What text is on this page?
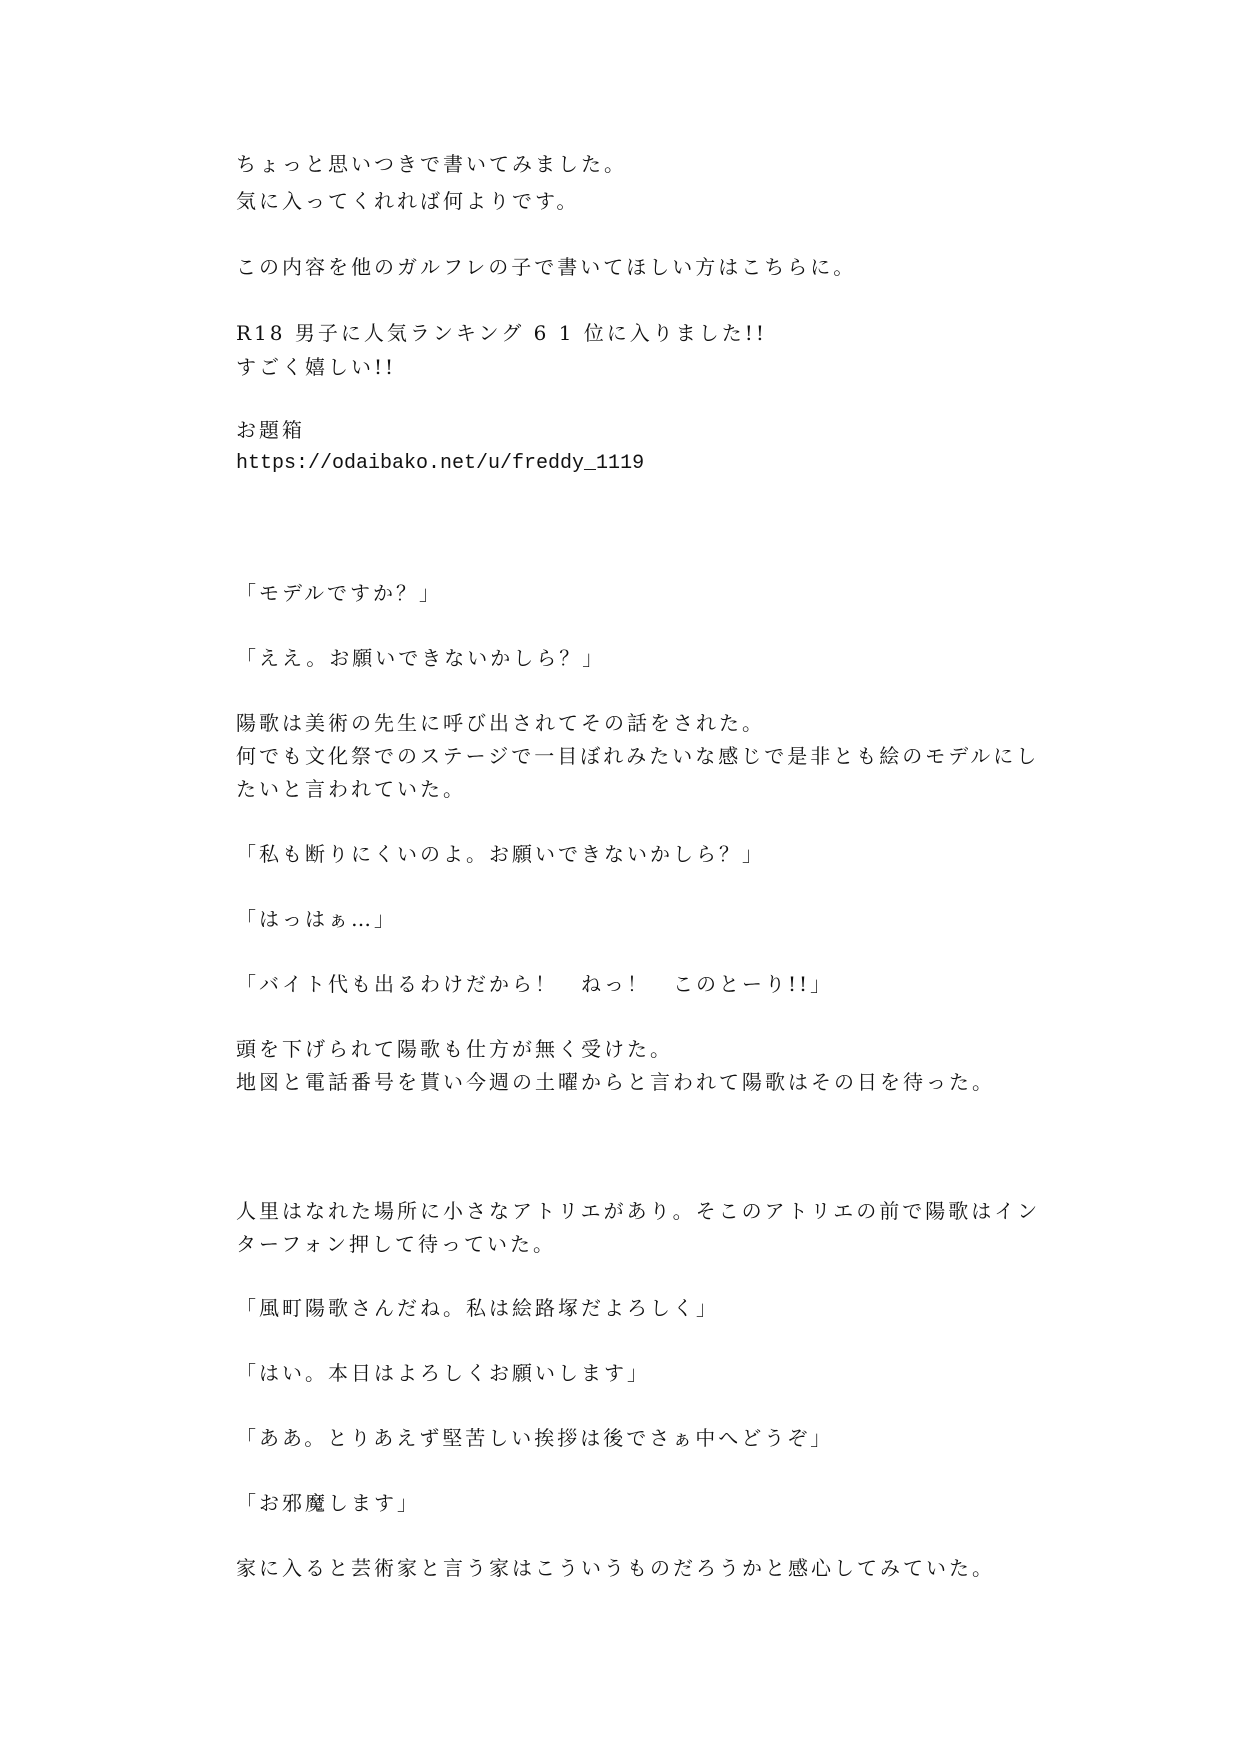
ちょっと思いつきで書いてみました。
気に入ってくれれば何よりです。
この内容を他のガルフレの子で書いてほしい方はこちらに。
R18 男子に人気ランキング 6 1 位に入りました!!
すごく嬉しい!!
お題箱
https://odaibako.net/u/freddy_1119
「モデルですか？」
「ええ。お願いできないかしら？」
陽歌は美術の先生に呼び出されてその話をされた。
何でも文化祭でのステージで一目ぼれみたいな感じで是非とも絵のモデルにし
たいと言われていた。
「私も断りにくいのよ。お願いできないかしら？」
「はっはぁ…」
「バイト代も出るわけだから！　ねっ！　このとーり!!」
頭を下げられて陽歌も仕方が無く受けた。
地図と電話番号を貰い今週の土曜からと言われて陽歌はその日を待った。
人里はなれた場所に小さなアトリエがあり。そこのアトリエの前で陽歌はイン
ターフォン押して待っていた。
「風町陽歌さんだね。私は絵路塚だよろしく」
「はい。本日はよろしくお願いします」
「ああ。とりあえず堅苦しい挨拶は後でさぁ中へどうぞ」
「お邪魔します」
家に入ると芸術家と言う家はこういうものだろうかと感心してみていた。
